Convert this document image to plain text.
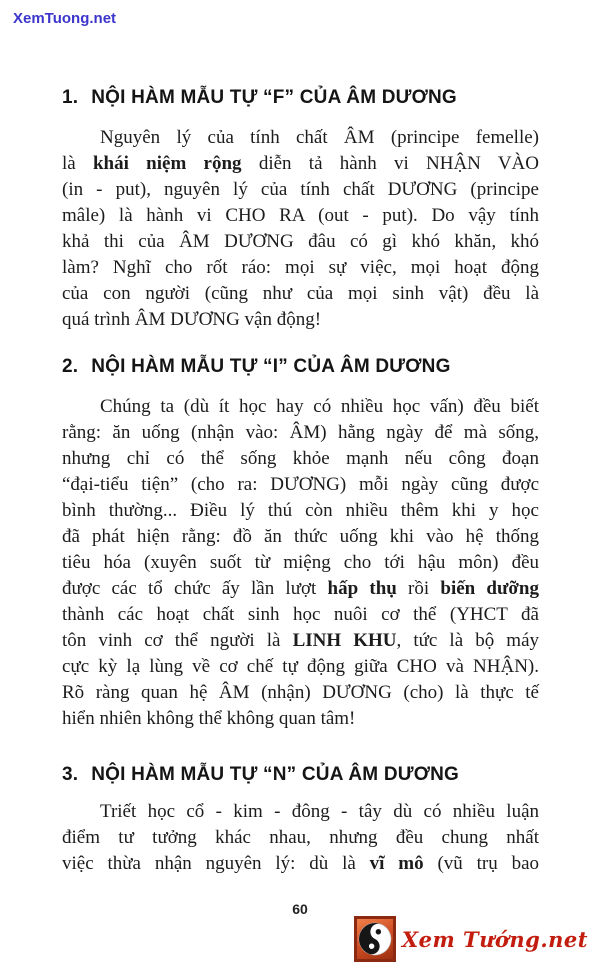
XemTuong.net
1. NỘI HÀM MẪU TỰ “F” CỦA ÂM DƯƠNG
Nguyên lý của tính chất ÂM (principe femelle)
là khái niệm rộng diễn tả hành vi NHẬN VÀO
(in - put), nguyên lý của tính chất DƯƠNG (principe
mâle) là hành vi CHO RA (out - put). Do vậy tính
khả thi của ÂM DƯƠNG đâu có gì khó khăn, khó
làm? Nghĩ cho rốt ráo: mọi sự việc, mọi hoạt động
của con người (cũng như của mọi sinh vật) đều là
quá trình ÂM DƯƠNG vận động!
2. NỘI HÀM MẪU TỰ “I” CỦA ÂM DƯƠNG
Chúng ta (dù ít học hay có nhiều học vấn) đều biết
rằng: ăn uống (nhận vào: ÂM) hằng ngày để mà sống,
nhưng chỉ có thể sống khỏe mạnh nếu công đoạn
“đại-tiểu tiện” (cho ra: DƯƠNG) mỗi ngày cũng được
bình thường... Điều lý thú còn nhiều thêm khi y học
đã phát hiện rằng: đồ ăn thức uống khi vào hệ thống
tiêu hóa (xuyên suốt từ miệng cho tới hậu môn) đều
được các tổ chức ấy lần lượt hấp thụ rồi biến dưỡng
thành các hoạt chất sinh học nuôi cơ thể (YHCT đã
tôn vinh cơ thể người là LINH KHU, tức là bộ máy
cực kỳ lạ lùng về cơ chế tự động giữa CHO và NHẬN).
Rõ ràng quan hệ ÂM (nhận) DƯƠNG (cho) là thực tế
hiển nhiên không thể không quan tâm!
3. NỘI HÀM MẪU TỰ “N” CỦA ÂM DƯƠNG
Triết học cổ - kim - đông - tây dù có nhiều luận
điểm tư tưởng khác nhau, nhưng đều chung nhất
việc thừa nhận nguyên lý: dù là vĩ mô (vũ trụ bao
60
Xem Tướng.net
